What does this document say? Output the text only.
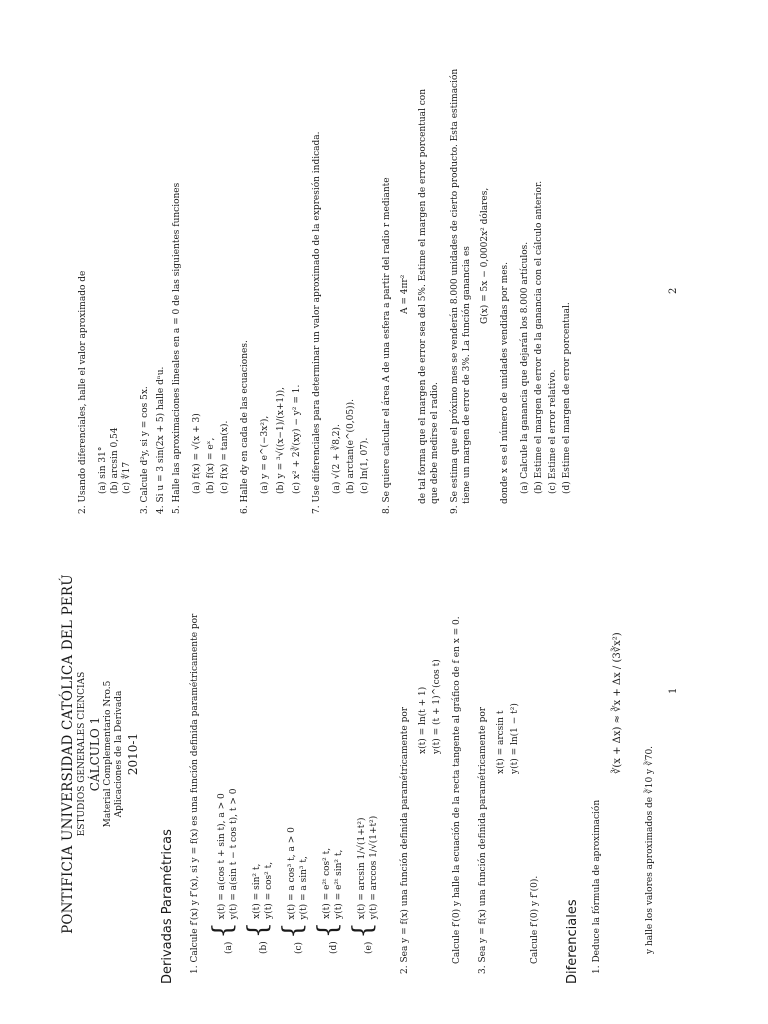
PONTIFICIA UNIVERSIDAD CATÓLICA DEL PERÚ ESTUDIOS GENERALES CIENCIAS CÁLCULO 1 Material Complementario Nro.5 Aplicaciones de la Derivada 2010-1
Derivadas Paramétricas 1. Calcule f′(x) y f″(x), si y = f(x) es una función definida paramétricamente por	(a) {
x(t) = a(cos t + sin t), a > 0 y(t) = a(sin t − t cos t), t > 0
(b) {
x(t) = sin² t, y(t) = cos² t,
(c) {
x(t) = a cos³ t, a > 0 y(t) = a sin³ t,
(d) {
x(t) = e²ᵗ cos² t, y(t) = e²ᵗ sin² t,
(e) {
x(t) = arcsin 1/√(1+t²) y(t) = arccos 1/√(1+t²) 2. Sea y = f(x) una función definida paramétricamente por x(t) = ln(t + 1) y(t) = (t + 1)^(cos t) Calcule f′(0) y halle la ecuación de la recta tangente al gráfico de f en x = 0. 3. Sea y = f(x) una función definida paramétricamente por x(t) = arcsin t y(t) = ln(1 − t²)
Calcule f′(0) y f″(0). Diferenciales 1. Deduce la fórmula de aproximación
∛(x + Δx) ≈ ∛x + Δx / (3∛x²)
y halle los valores aproximados de ∛10 y ∛70.
1
2. Usando diferenciales, halle el valor aproximado de (a) sin 31° (b) arcsin 0,54 (c) ∜17 3. Calcule d²y, si y = cos 5x. 4. Si u = 3 sin(2x + 5) halle dⁿu. 5. Halle las aproximaciones lineales en a = 0 de las siguientes funciones (a) f(x) = √(x + 3) (b) f(x) = eˣ, (c) f(x) = tan(x). 6. Halle dy en cada de las ecuaciones. (a) y = e^(−3x²), (b) y = ³√((x−1)/(x+1)), (c) x² + 2∛(xy) − y² = 1. 7. Use diferenciales para determinar un valor aproximado de la expresión indicada. (a) √(2 + ∛8,2). (b) arctan(e^(0,05)). (c) ln(1, 07). 8. Se quiere calcular el área A de una esfera a partir del radio r mediante A = 4πr² de tal forma que el margen de error sea del 5%. Estime el margen de error porcentual con que debe medirse el radio. 9. Se estima que el próximo mes se venderán 8.000 unidades de cierto producto. Esta estimación tiene un margen de error de 3%. La función ganancia es G(x) = 5x − 0,0002x² dólares,
donde x es el número de unidades vendidas por mes. (a) Calcule la ganancia que dejarán los 8.000 artículos. (b) Estime el margen de error de la ganancia con el cálculo anterior. (c) Estime el error relativo. (d) Estime el margen de error porcentual.
2
